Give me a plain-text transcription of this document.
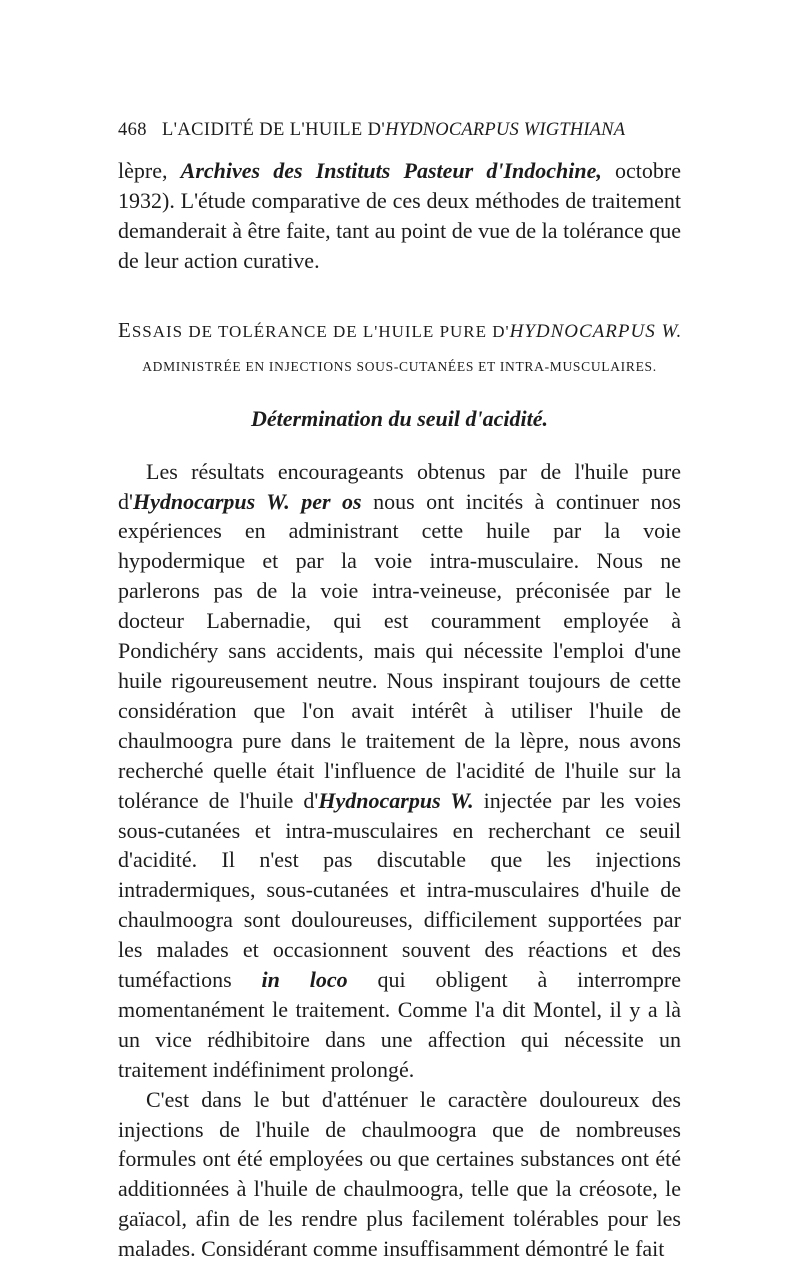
468 L'ACIDITÉ DE L'HUILE D'HYDNOCARPUS WIGTHIANA

lèpre, Archives des Instituts Pasteur d'Indochine, octobre 1932). L'étude comparative de ces deux méthodes de traitement demanderait à être faite, tant au point de vue de la tolérance que de leur action curative.

ESSAIS DE TOLÉRANCE DE L'HUILE PURE D'HYDNOCARPUS W.
ADMINISTRÉE EN INJECTIONS SOUS-CUTANÉES ET INTRA-MUSCULAIRES.
Détermination du seuil d'acidité.

Les résultats encourageants obtenus par de l'huile pure d'Hydnocarpus W. per os nous ont incités à continuer nos expériences en administrant cette huile par la voie hypodermique et par la voie intra-musculaire. Nous ne parlerons pas de la voie intra-veineuse, préconisée par le docteur Labernadie, qui est couramment employée à Pondichéry sans accidents, mais qui nécessite l'emploi d'une huile rigoureusement neutre. Nous inspirant toujours de cette considération que l'on avait intérêt à utiliser l'huile de chaulmoogra pure dans le traitement de la lèpre, nous avons recherché quelle était l'influence de l'acidité de l'huile sur la tolérance de l'huile d'Hydnocarpus W. injectée par les voies sous-cutanées et intra-musculaires en recherchant ce seuil d'acidité. Il n'est pas discutable que les injections intradermiques, sous-cutanées et intra-musculaires d'huile de chaulmoogra sont douloureuses, difficilement supportées par les malades et occasionnent souvent des réactions et des tuméfactions in loco qui obligent à interrompre momentanément le traitement. Comme l'a dit Montel, il y a là un vice rédhibitoire dans une affection qui nécessite un traitement indéfiniment prolongé.

C'est dans le but d'atténuer le caractère douloureux des injections de l'huile de chaulmoogra que de nombreuses formules ont été employées ou que certaines substances ont été additionnées à l'huile de chaulmoogra, telle que la créosote, le gaïacol, afin de les rendre plus facilement tolérables pour les malades. Considérant comme insuffisamment démontré le fait
